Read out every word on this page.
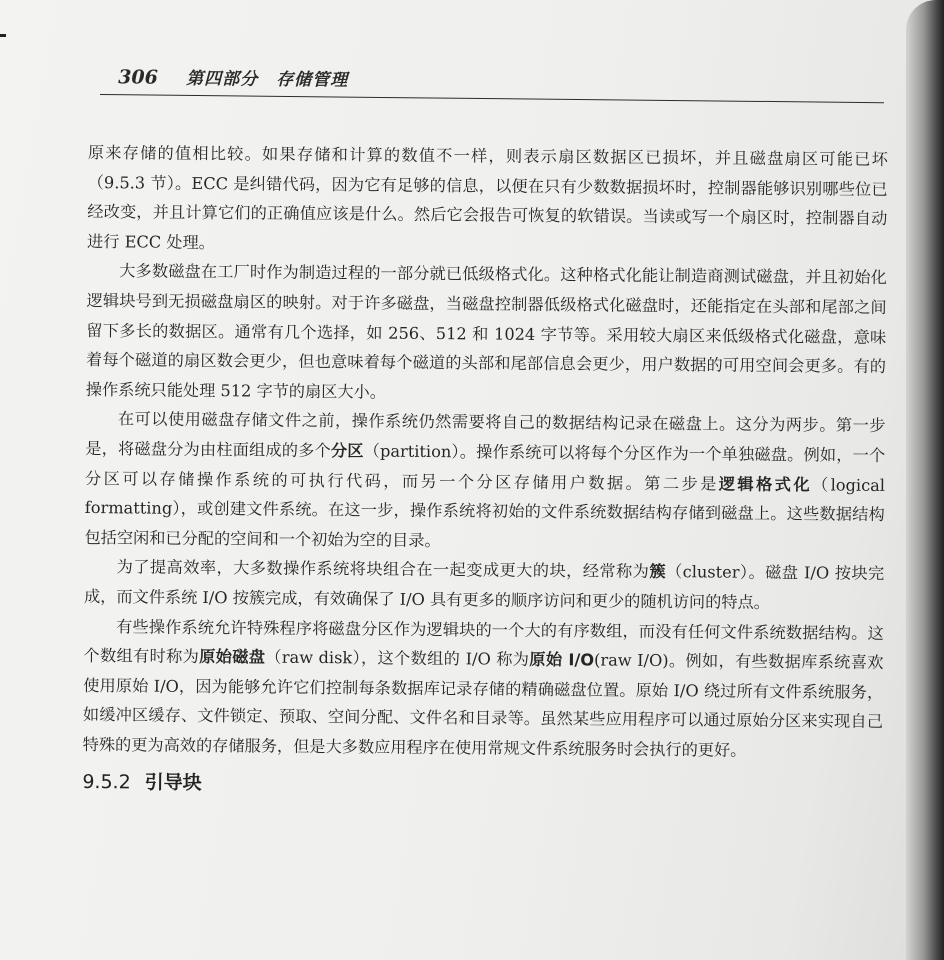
306 第四部分　存储管理

原来存储的值相比较。如果存储和计算的数值不一样，则表示扇区数据区已损坏，并且磁盘扇区可能已坏（9.5.3 节）。ECC 是纠错代码，因为它有足够的信息，以便在只有少数数据损坏时，控制器能够识别哪些位已经改变，并且计算它们的正确值应该是什么。然后它会报告可恢复的软错误。当读或写一个扇区时，控制器自动进行 ECC 处理。

大多数磁盘在工厂时作为制造过程的一部分就已低级格式化。这种格式化能让制造商测试磁盘，并且初始化逻辑块号到无损磁盘扇区的映射。对于许多磁盘，当磁盘控制器低级格式化磁盘时，还能指定在头部和尾部之间留下多长的数据区。通常有几个选择，如 256、512 和 1024 字节等。采用较大扇区来低级格式化磁盘，意味着每个磁道的扇区数会更少，但也意味着每个磁道的头部和尾部信息会更少，用户数据的可用空间会更多。有的操作系统只能处理 512 字节的扇区大小。

在可以使用磁盘存储文件之前，操作系统仍然需要将自己的数据结构记录在磁盘上。这分为两步。第一步是，将磁盘分为由柱面组成的多个分区（partition）。操作系统可以将每个分区作为一个单独磁盘。例如，一个分区可以存储操作系统的可执行代码，而另一个分区存储用户数据。第二步是逻辑格式化（logical formatting），或创建文件系统。在这一步，操作系统将初始的文件系统数据结构存储到磁盘上。这些数据结构包括空闲和已分配的空间和一个初始为空的目录。

为了提高效率，大多数操作系统将块组合在一起变成更大的块，经常称为簇（cluster）。磁盘 I/O 按块完成，而文件系统 I/O 按簇完成，有效确保了 I/O 具有更多的顺序访问和更少的随机访问的特点。

有些操作系统允许特殊程序将磁盘分区作为逻辑块的一个大的有序数组，而没有任何文件系统数据结构。这个数组有时称为原始磁盘（raw disk），这个数组的 I/O 称为原始 I/O(raw I/O)。例如，有些数据库系统喜欢使用原始 I/O，因为能够允许它们控制每条数据库记录存储的精确磁盘位置。原始 I/O 绕过所有文件系统服务，如缓冲区缓存、文件锁定、预取、空间分配、文件名和目录等。虽然某些应用程序可以通过原始分区来实现自己特殊的更为高效的存储服务，但是大多数应用程序在使用常规文件系统服务时会执行的更好。

9.5.2 引导块
